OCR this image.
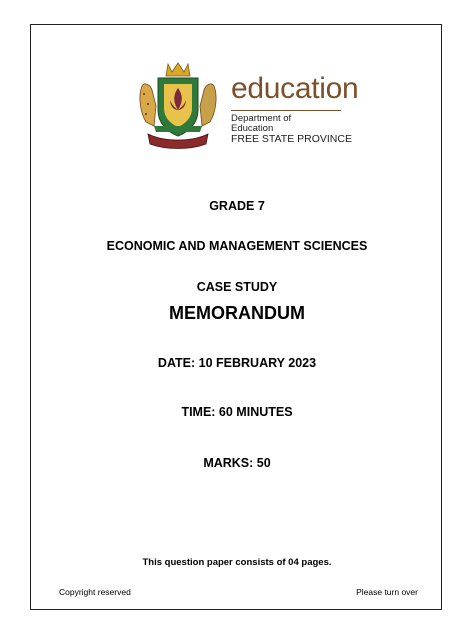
education
Department of
Education
FREE STATE PROVINCE
GRADE 7
ECONOMIC AND MANAGEMENT SCIENCES
CASE STUDY
MEMORANDUM
DATE: 10 FEBRUARY 2023
TIME: 60 MINUTES
MARKS: 50
This question paper consists of 04 pages.
Copyright reserved	Please turn over
